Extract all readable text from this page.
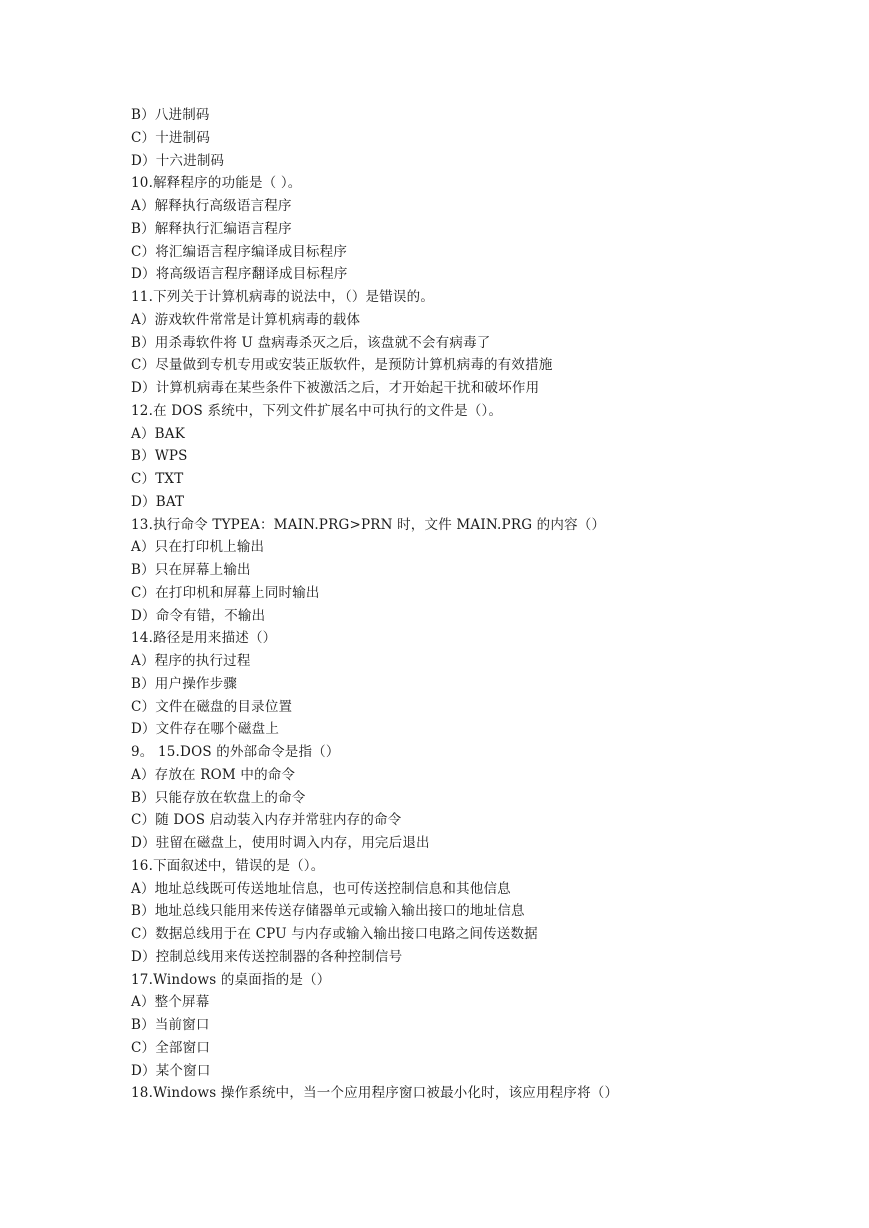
B）八进制码
C）十进制码
D）十六进制码
10.解释程序的功能是（ ）。
A）解释执行高级语言程序
B）解释执行汇编语言程序
C）将汇编语言程序编译成目标程序
D）将高级语言程序翻译成目标程序
11.下列关于计算机病毒的说法中，（）是错误的。
A）游戏软件常常是计算机病毒的载体
B）用杀毒软件将 U 盘病毒杀灭之后，该盘就不会有病毒了
C）尽量做到专机专用或安装正版软件，是预防计算机病毒的有效措施
D）计算机病毒在某些条件下被激活之后，才开始起干扰和破坏作用
12.在 DOS 系统中，下列文件扩展名中可执行的文件是（）。
A）BAK
B）WPS
C）TXT
D）BAT
13.执行命令 TYPEA：MAIN.PRG>PRN 时，文件 MAIN.PRG 的内容（）
A）只在打印机上输出
B）只在屏幕上输出
C）在打印机和屏幕上同时输出
D）命令有错，不输出
14.路径是用来描述（）
A）程序的执行过程
B）用户操作步骤
C）文件在磁盘的目录位置
D）文件存在哪个磁盘上
9。 15.DOS 的外部命令是指（）
A）存放在 ROM 中的命令
B）只能存放在软盘上的命令
C）随 DOS 启动装入内存并常驻内存的命令
D）驻留在磁盘上，使用时调入内存，用完后退出
16.下面叙述中，错误的是（）。
A）地址总线既可传送地址信息，也可传送控制信息和其他信息
B）地址总线只能用来传送存储器单元或输入输出接口的地址信息
C）数据总线用于在 CPU 与内存或输入输出接口电路之间传送数据
D）控制总线用来传送控制器的各种控制信号
17.Windows 的桌面指的是（）
A）整个屏幕
B）当前窗口
C）全部窗口
D）某个窗口
18.Windows 操作系统中，当一个应用程序窗口被最小化时，该应用程序将（）
